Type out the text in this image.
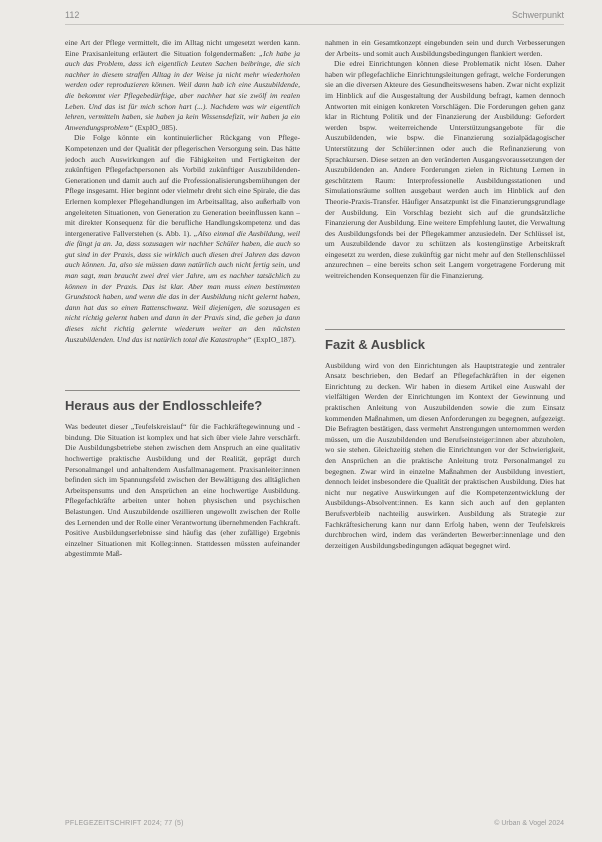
112	Schwerpunkt

eine Art der Pflege vermittelt, die im Alltag nicht umgesetzt werden kann. Eine Praxisanleitung erläutert die Situation folgendermaßen: „Ich habe ja auch das Problem, dass ich eigentlich Leuten Sachen beibringe, die sich nachher in diesem straffen Alltag in der Weise ja nicht mehr wiederholen werden oder reproduzieren können. Weil dann hab ich eine Auszubildende, die bekommt vier Pflegebedürftige, aber nachher hat sie zwölf im realen Leben. Und das ist für mich schon hart (...). Nachdem was wir eigentlich lehren, vermitteln haben, sie haben ja kein Wissensdefizit, wir haben ja ein Anwendungsproblem“ (ExpIO_085).

Die Folge könnte ein kontinuierlicher Rückgang von Pflege-Kompetenzen und der Qualität der pflegerischen Versorgung sein. Das hätte jedoch auch Auswirkungen auf die Fähigkeiten und Fertigkeiten der zukünftigen Pflegefachpersonen als Vorbild zukünftiger Auszubildenden-Generationen und damit auch auf die Professionalisierungsbemühungen der Pflege insgesamt. Hier beginnt oder vielmehr dreht sich eine Spirale, die das Erlernen komplexer Pflegehandlungen im Arbeitsalltag, also außerhalb von angeleiteten Situationen, von Generation zu Generation beeinflussen kann – mit direkter Konsequenz für die berufliche Handlungskompetenz und das intergenerative Fallverstehen (s. Abb. 1). „Also einmal die Ausbildung, weil die fängt ja an. Ja, dass sozusagen wir nachher Schüler haben, die auch so gut sind in der Praxis, dass sie wirklich auch diesen drei Jahren das davon auch können. Ja, also sie müssen dann natürlich auch nicht fertig sein, und man sagt, man braucht zwei drei vier Jahre, um es nachher tatsächlich zu können in der Praxis. Das ist klar. Aber man muss einen bestimmten Grundstock haben, und wenn die das in der Ausbildung nicht gelernt haben, dann hat das so einen Rattenschwanz. Weil diejenigen, die sozusagen es nicht richtig gelernt haben und dann in der Praxis sind, die geben ja dann dieses nicht richtig gelernte wiederum weiter an den nächsten Auszubildenden. Und das ist natürlich total die Katastrophe“ (ExpIO_187).

Heraus aus der Endlosschleife?

Was bedeutet dieser „Teufelskreislauf“ für die Fachkräftegewinnung und -bindung. Die Situation ist komplex und hat sich über viele Jahre verschärft. Die Ausbildungsbetriebe stehen zwischen dem Anspruch an eine qualitativ hochwertige praktische Ausbildung und der Realität, geprägt durch Personalmangel und anhaltendem Ausfallmanagement. Praxisanleiter:innen befinden sich im Spannungsfeld zwischen der Bewältigung des alltäglichen Arbeitspensums und den Ansprüchen an eine hochwertige Ausbildung. Pflegefachkräfte arbeiten unter hohen physischen und psychischen Belastungen. Und Auszubildende oszillieren ungewollt zwischen der Rolle des Lernenden und der Rolle einer Verantwortung übernehmenden Fachkraft. Positive Ausbildungserlebnisse sind häufig das (eher zufällige) Ergebnis einzelner Situationen mit Kolleg:innen. Stattdessen müssten aufeinander abgestimmte Maß-

nahmen in ein Gesamtkonzept eingebunden sein und durch Verbesserungen der Arbeits- und somit auch Ausbildungsbedingungen flankiert werden.

Die edrei Einrichtungen können diese Problematik nicht lösen. Daher haben wir pflegefachliche Einrichtungsleitungen gefragt, welche Forderungen sie an die diversen Akteure des Gesundheitswesens haben. Zwar nicht explizit im Hinblick auf die Ausgestaltung der Ausbildung befragt, kamen dennoch Antworten mit einigen konkreten Vorschlägen. Die Forderungen gehen ganz klar in Richtung Politik und der Finanzierung der Ausbildung: Gefordert werden bspw. weiterreichende Unterstützungsangebote für die Auszubildenden, wie bspw. die Finanzierung sozialpädagogischer Unterstützung der Schüler:innen oder auch die Refinanzierung von Sprachkursen. Diese setzen an den veränderten Ausgangsvoraussetzungen der Auszubildenden an. Andere Forderungen zielen in Richtung Lernen in geschütztem Raum: Interprofessionelle Ausbildungsstationen und Simulationsräume sollten ausgebaut werden auch im Hinblick auf den Theorie-Praxis-Transfer. Häufiger Ansatzpunkt ist die Finanzierungsgrundlage der Ausbildung. Ein Vorschlag bezieht sich auf die grundsätzliche Finanzierung der Ausbildung. Eine weitere Empfehlung lautet, die Verwaltung des Ausbildungsfonds bei der Pflegekammer anzusiedeln. Der Schlüssel ist, um Auszubildende davor zu schützen als kostengünstige Arbeitskraft eingesetzt zu werden, diese zukünftig gar nicht mehr auf den Stellenschlüssel anzurechnen – eine bereits schon seit Langem vorgetragene Forderung mit weitreichenden Konsequenzen für die Finanzierung.

Fazit & Ausblick

Ausbildung wird von den Einrichtungen als Hauptstrategie und zentraler Ansatz beschrieben, den Bedarf an Pflegefachkräften in der eigenen Einrichtung zu decken. Wir haben in diesem Artikel eine Auswahl der vielfältigen Werden der Einrichtungen im Kontext der Gewinnung und praktischen Anleitung von Auszubildenden sowie die zum Einsatz kommenden Maßnahmen, um diesen Anforderungen zu begegnen, aufgezeigt. Die Befragten bestätigen, dass vermehrt Anstrengungen unternommen werden müssen, um die Auszubildenden und Berufseinsteiger:innen aber abzuholen, wo sie stehen. Gleichzeitig stehen die Einrichtungen vor der Schwierigkeit, den Ansprüchen an die praktische Anleitung trotz Personalmangel zu begegnen. Zwar wird in einzelne Maßnahmen der Ausbildung investiert, dennoch leidet insbesondere die Qualität der praktischen Ausbildung. Dies hat nicht nur negative Auswirkungen auf die Kompetenzentwicklung der Ausbildungs-Absolvent:innen. Es kann sich auch auf den geplanten Berufsverbleib nachteilig auswirken. Ausbildung als Strategie zur Fachkräftesicherung kann nur dann Erfolg haben, wenn der Teufelskreis durchbrochen wird, indem das veränderten Bewerber:innenlage und den derzeitigen Ausbildungsbedingungen adäquat begegnet wird.

PFLEGEZEITSCHRIFT 2024; 77 (5)	© Urban & Vogel 2024
